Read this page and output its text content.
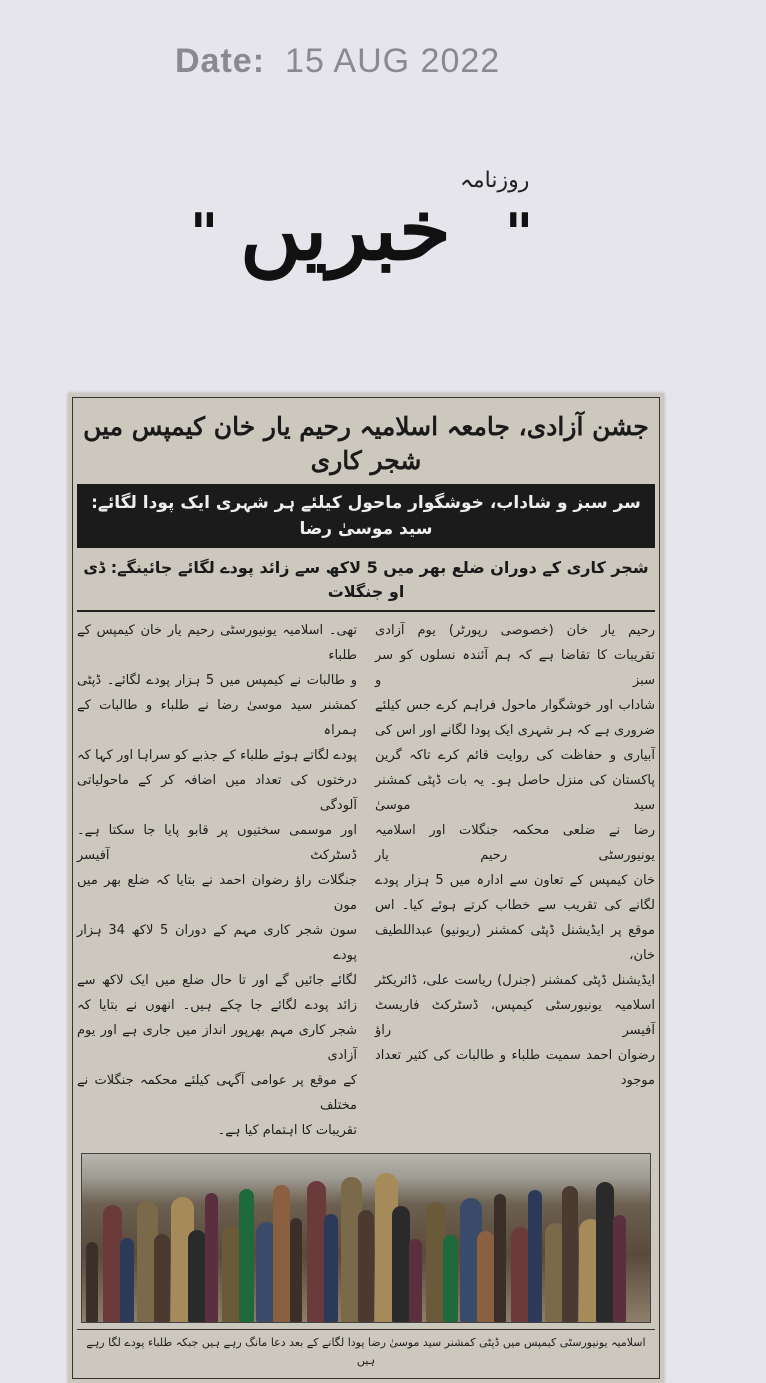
Date: 15 AUG 2022
"
روزنامہ
خبریں "
جشن آزادی، جامعہ اسلامیہ رحیم یار خان کیمپس میں شجر کاری
سر سبز و شاداب، خوشگوار ماحول کیلئے ہر شہری ایک پودا لگائے: سید موسیٰ رضا
شجر کاری کے دوران ضلع بھر میں 5 لاکھ سے زائد پودے لگائے جائینگے: ڈی او جنگلات
رحیم یار خان (خصوصی رپورٹر) یوم آزادی
تقریبات کا تقاضا ہے کہ ہم آئندہ نسلوں کو سر سبز و
شاداب اور خوشگوار ماحول فراہم کرے جس کیلئے
ضروری ہے کہ ہر شہری ایک پودا لگانے اور اس کی
آبیاری و حفاظت کی روایت قائم کرے تاکہ گرین
پاکستان کی منزل حاصل ہو۔ یہ بات ڈپٹی کمشنر سید موسیٰ
رضا نے ضلعی محکمہ جنگلات اور اسلامیہ یونیورسٹی رحیم یار
خان کیمپس کے تعاون سے ادارہ میں 5 ہزار پودے
لگانے کی تقریب سے خطاب کرتے ہوئے کیا۔ اس
موقع پر ایڈیشنل ڈپٹی کمشنر (ریونیو) عبداللطیف خان،
ایڈیشنل ڈپٹی کمشنر (جنرل) ریاست علی، ڈائریکٹر
اسلامیہ یونیورسٹی کیمپس، ڈسٹرکٹ فاریسٹ آفیسر راؤ
رضوان احمد سمیت طلباء و طالبات کی کثیر تعداد موجود
تھی۔ اسلامیہ یونیورسٹی رحیم یار خان کیمپس کے طلباء
و طالبات نے کیمپس میں 5 ہزار پودے لگائے۔ ڈپٹی
کمشنر سید موسیٰ رضا نے طلباء و طالبات کے ہمراہ
پودے لگاتے ہوئے طلباء کے جذبے کو سراہا اور کہا کہ
درختوں کی تعداد میں اضافہ کر کے ماحولیاتی آلودگی
اور موسمی سختیوں پر قابو پایا جا سکتا ہے۔ ڈسٹرکٹ آفیسر
جنگلات راؤ رضوان احمد نے بتایا کہ ضلع بھر میں مون
سون شجر کاری مہم کے دوران 5 لاکھ 34 ہزار پودے
لگائے جائیں گے اور تا حال ضلع میں ایک لاکھ سے
زائد پودے لگائے جا چکے ہیں۔ انھوں نے بتایا کہ
شجر کاری مہم بھرپور انداز میں جاری ہے اور یوم آزادی
کے موقع پر عوامی آگہی کیلئے محکمہ جنگلات نے مختلف
تقریبات کا اہتمام کیا ہے۔
اسلامیہ یونیورسٹی کیمپس میں ڈپٹی کمشنر سید موسیٰ رضا پودا لگانے کے بعد دعا مانگ رہے ہیں جبکہ طلباء پودے لگا رہے ہیں
